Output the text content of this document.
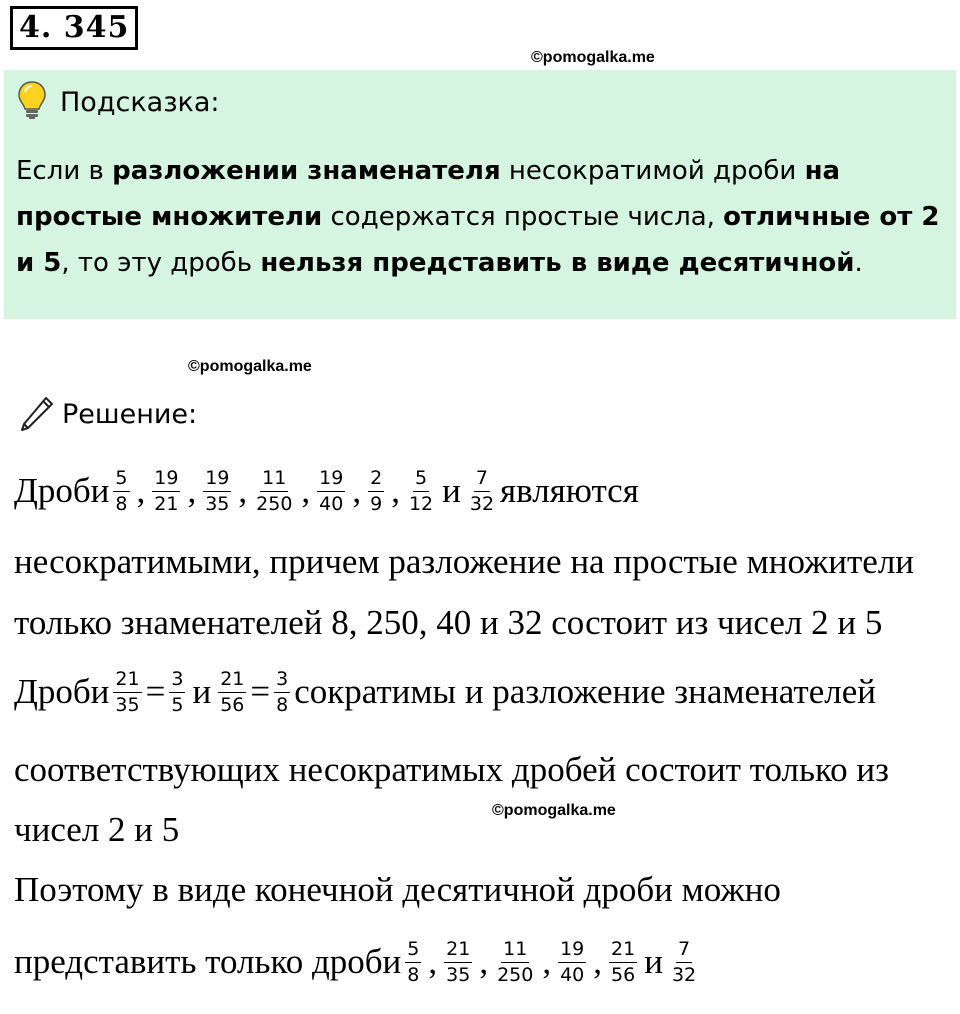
4. 345
©pomogalka.me
Подсказка:
Если в разложении знаменателя несократимой дроби на простые множители содержатся простые числа, отличные от 2 и 5, то эту дробь нельзя представить в виде десятичной.
©pomogalka.me
Решение:
Дроби $\frac{5}{8}$ , $\frac{19}{21}$ , $\frac{19}{35}$ , $\frac{11}{250}$ , $\frac{19}{40}$ , $\frac{2}{9}$ , $\frac{5}{12}$ и $\frac{7}{32}$ являются
несократимыми, причем разложение на простые множители
только знаменателей 8, 250, 40 и 32 состоит из чисел 2 и 5
Дроби $\frac{21}{35} = \frac{3}{5}$ и $\frac{21}{56} = \frac{3}{8}$ сократимы и разложение знаменателей
соответствующих несократимых дробей состоит только из
©pomogalka.me
чисел 2 и 5
Поэтому в виде конечной десятичной дроби можно
представить только дроби $\frac{5}{8}$ , $\frac{21}{35}$ , $\frac{11}{250}$ , $\frac{19}{40}$ , $\frac{21}{56}$ и $\frac{7}{32}$
